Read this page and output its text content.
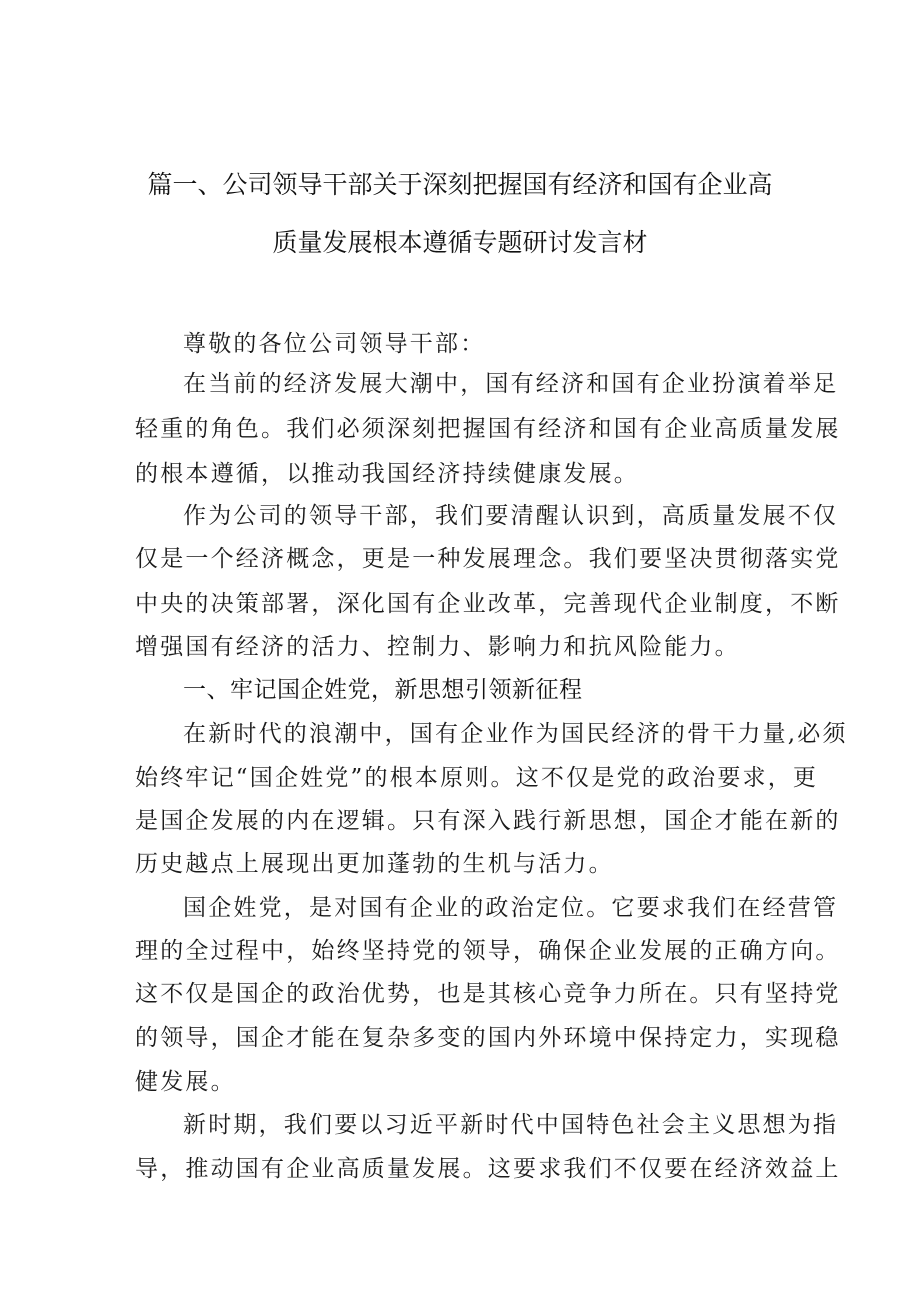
篇一、公司领导干部关于深刻把握国有经济和国有企业高
质量发展根本遵循专题研讨发言材
尊敬的各位公司领导干部：
在当前的经济发展大潮中，国有经济和国有企业扮演着举足
轻重的角色。我们必须深刻把握国有经济和国有企业高质量发展
的根本遵循，以推动我国经济持续健康发展。
作为公司的领导干部，我们要清醒认识到，高质量发展不仅
仅是一个经济概念，更是一种发展理念。我们要坚决贯彻落实党
中央的决策部署，深化国有企业改革，完善现代企业制度，不断
增强国有经济的活力、控制力、影响力和抗风险能力。
一、牢记国企姓党，新思想引领新征程
在新时代的浪潮中，国有企业作为国民经济的骨干力量,必须
始终牢记“国企姓党”的根本原则。这不仅是党的政治要求，更
是国企发展的内在逻辑。只有深入践行新思想，国企才能在新的
历史越点上展现出更加蓬勃的生机与活力。
国企姓党，是对国有企业的政治定位。它要求我们在经营管
理的全过程中，始终坚持党的领导，确保企业发展的正确方向。
这不仅是国企的政治优势，也是其核心竞争力所在。只有坚持党
的领导，国企才能在复杂多变的国内外环境中保持定力，实现稳
健发展。
新时期，我们要以习近平新时代中国特色社会主义思想为指
导，推动国有企业高质量发展。这要求我们不仅要在经济效益上
